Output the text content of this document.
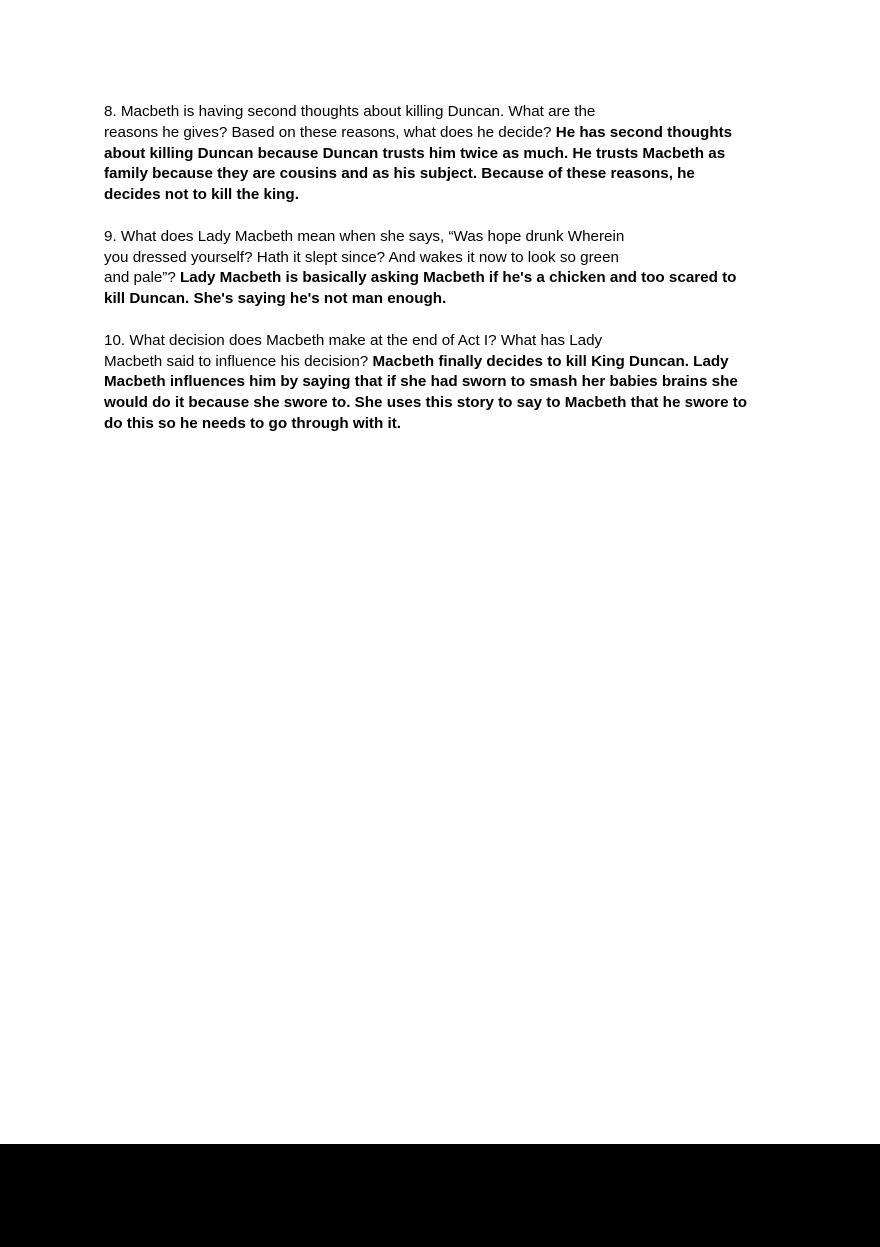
8. Macbeth is having second thoughts about killing Duncan. What are the
reasons he gives? Based on these reasons, what does he decide? He has second thoughts
about killing Duncan because Duncan trusts him twice as much. He trusts Macbeth as
family because they are cousins and as his subject. Because of these reasons, he
decides not to kill the king.
9. What does Lady Macbeth mean when she says, “Was hope drunk Wherein
you dressed yourself? Hath it slept since? And wakes it now to look so green
and pale”? Lady Macbeth is basically asking Macbeth if he's a chicken and too scared to
kill Duncan. She's saying he's not man enough.
10. What decision does Macbeth make at the end of Act I? What has Lady
Macbeth said to influence his decision? Macbeth finally decides to kill King Duncan. Lady
Macbeth influences him by saying that if she had sworn to smash her babies brains she
would do it because she swore to. She uses this story to say to Macbeth that he swore to
do this so he needs to go through with it.
